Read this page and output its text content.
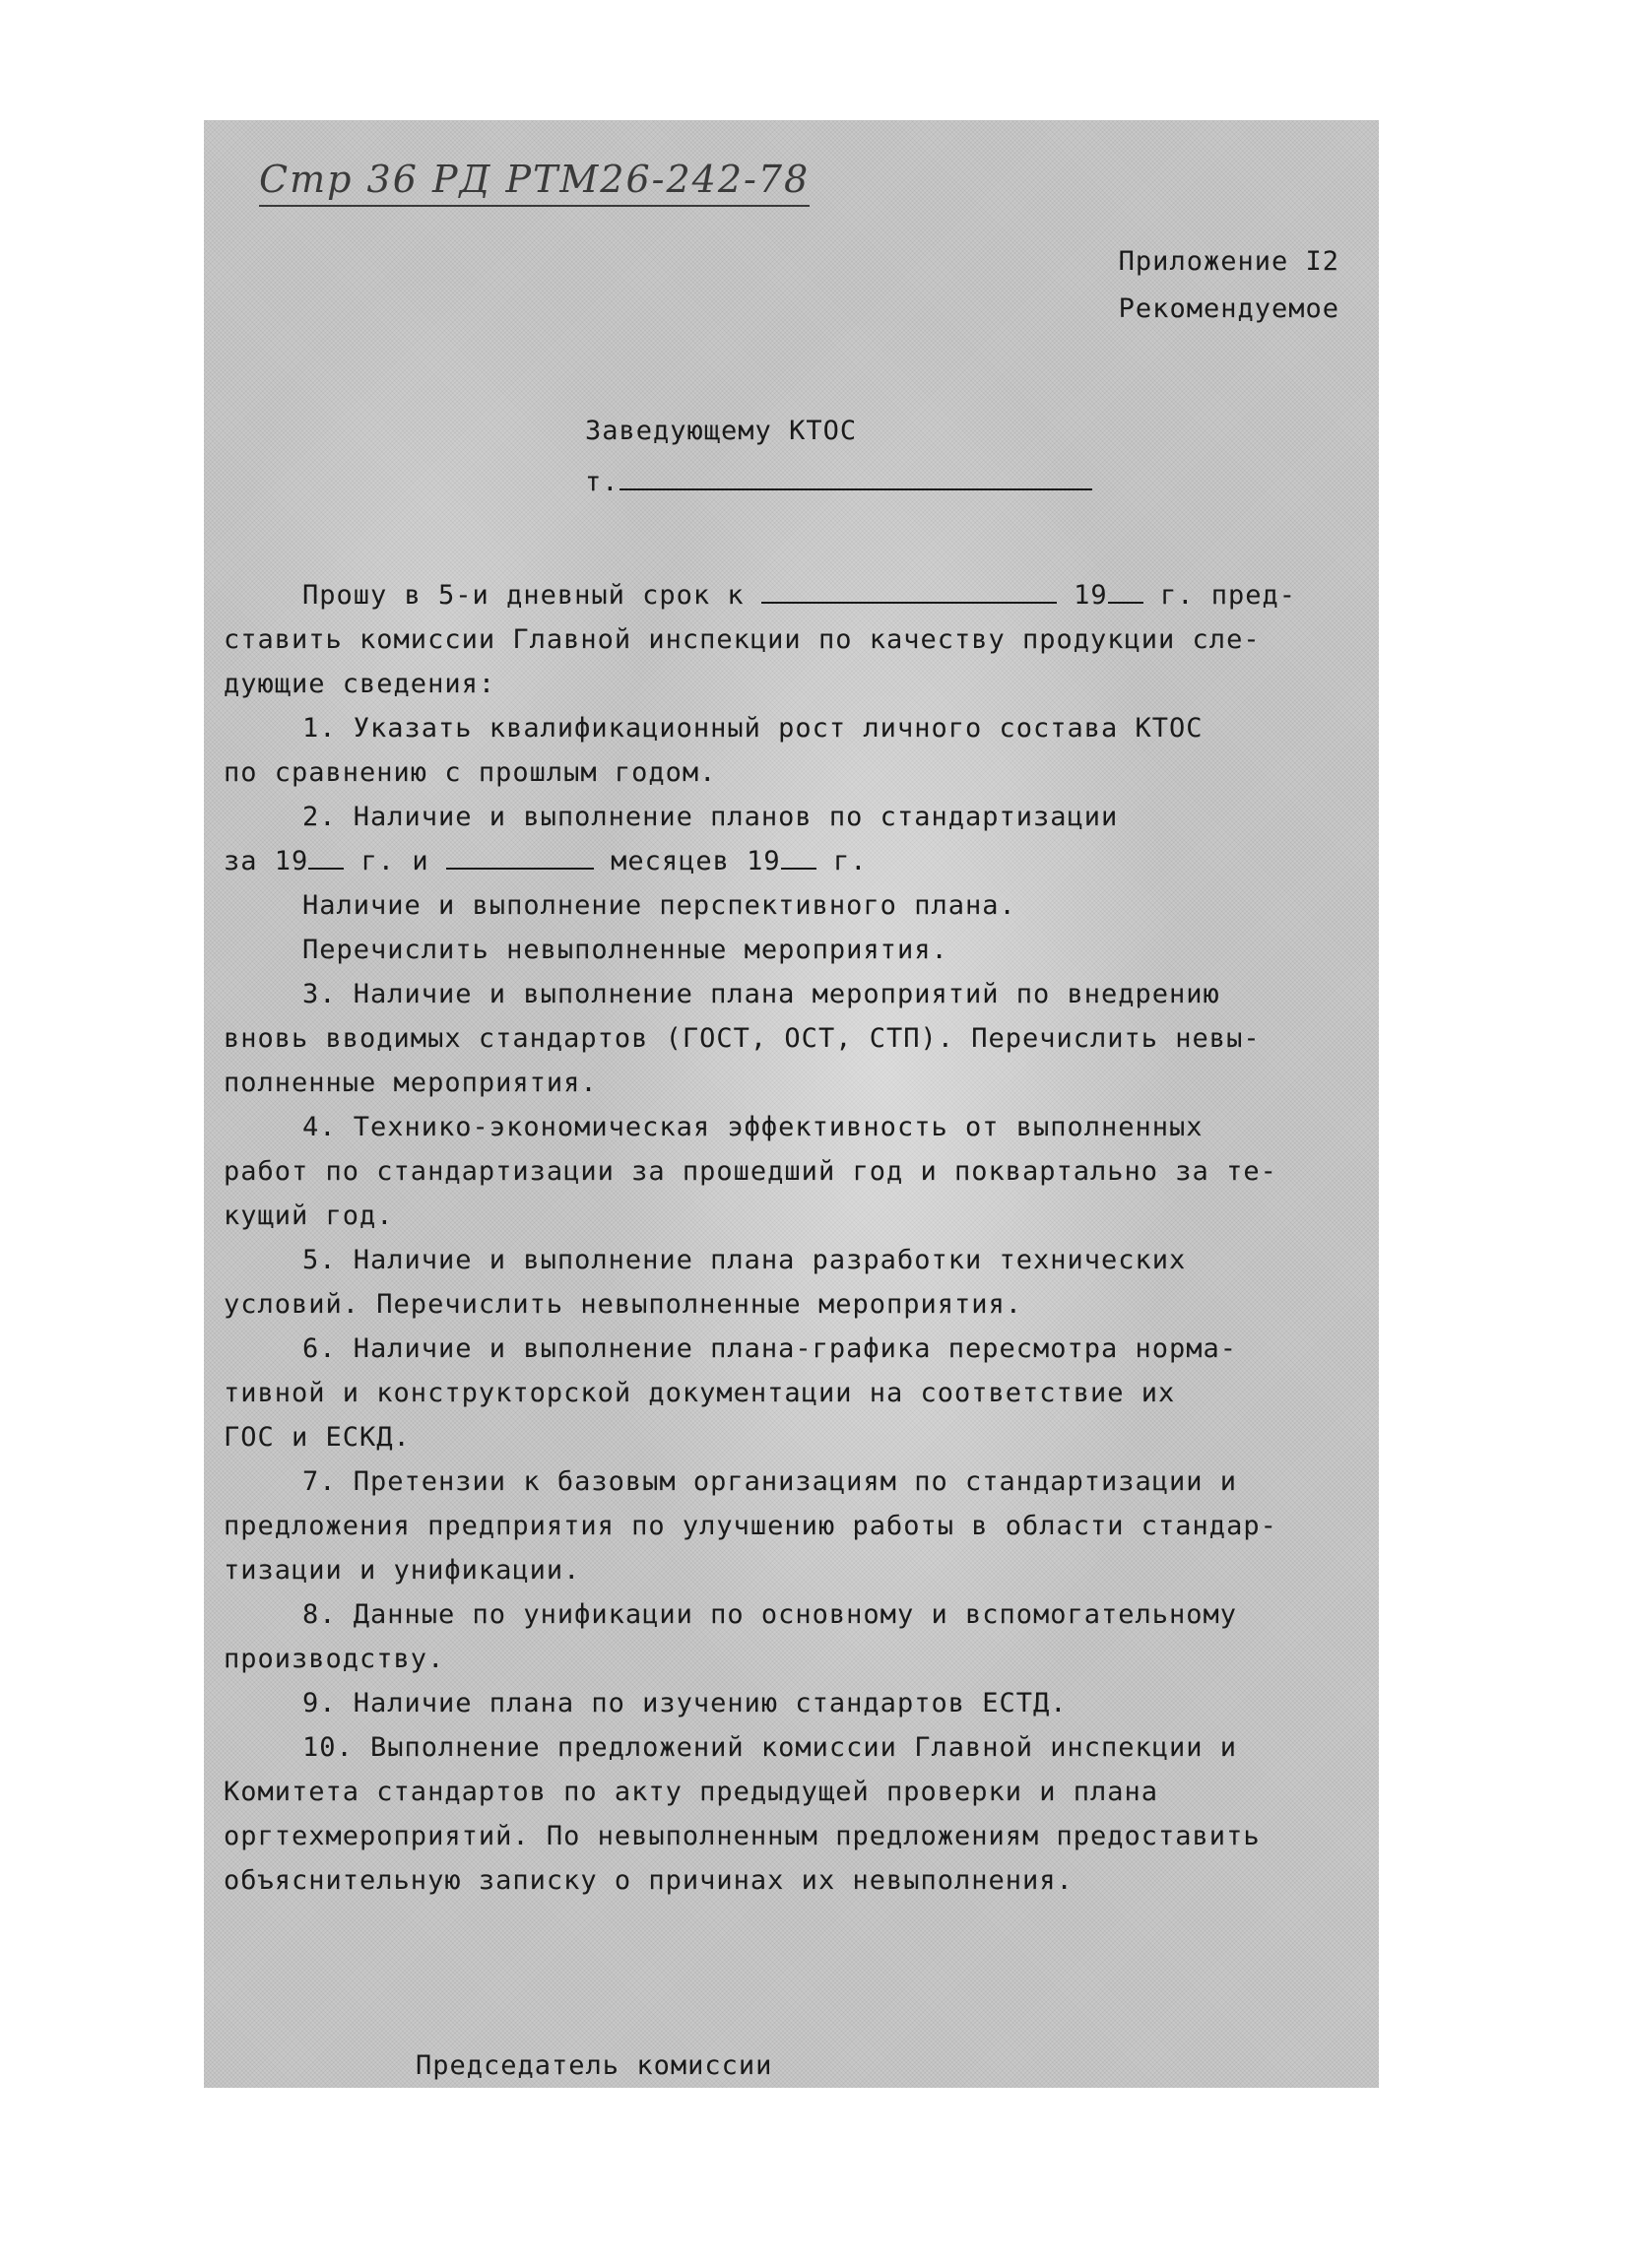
Стр 36 РД РТМ26-242-78
Приложение I2
Рекомендуемое
Заведующему КТОС
т.

Прошу в 5-и дневный срок к	19 г. пред-

ставить комиссии Главной инспекции по качеству продукции сле-

дующие сведения:

1. Указать квалификационный рост личного состава КТОС

по сравнению с прошлым годом.

2. Наличие и выполнение планов по стандартизации

за 19 г. и	месяцев 19 г.

Наличие и выполнение перспективного плана.

Перечислить невыполненные мероприятия.

3. Наличие и выполнение плана мероприятий по внедрению

вновь вводимых стандартов (ГОСТ, ОСТ, СТП). Перечислить невы-

полненные мероприятия.

4. Технико-экономическая эффективность от выполненных

работ по стандартизации за прошедший год и поквартально за те-

кущий год.

5. Наличие и выполнение плана разработки технических

условий. Перечислить невыполненные мероприятия.

6. Наличие и выполнение плана-графика пересмотра норма-

тивной и конструкторской документации на соответствие их

ГОС и ЕСКД.

7. Претензии к базовым организациям по стандартизации и

предложения предприятия по улучшению работы в области стандар-

тизации и унификации.

8. Данные по унификации по основному и вспомогательному

производству.

9. Наличие плана по изучению стандартов ЕСТД.

10. Выполнение предложений комиссии Главной инспекции и

Комитета стандартов по акту предыдущей проверки и плана

оргтехмероприятий. По невыполненным предложениям предоставить

объяснительную записку о причинах их невыполнения.

Председатель комиссии
